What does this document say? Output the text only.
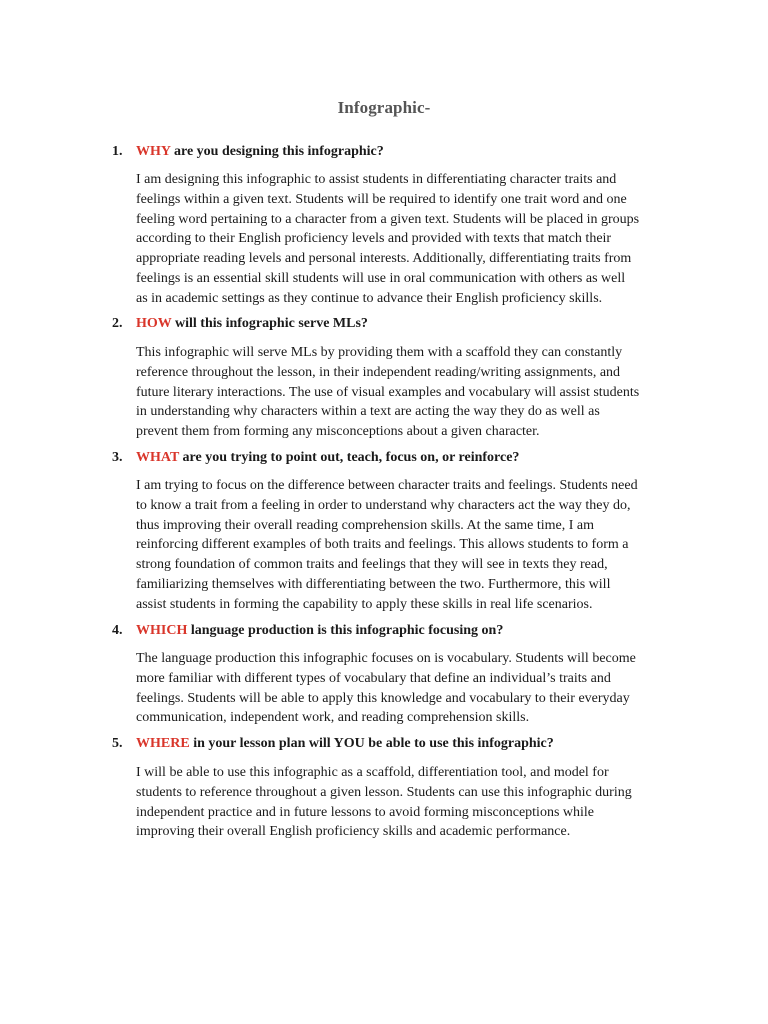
Infographic-
1. WHY are you designing this infographic?
I am designing this infographic to assist students in differentiating character traits and
feelings within a given text. Students will be required to identify one trait word and one
feeling word pertaining to a character from a given text. Students will be placed in groups
according to their English proficiency levels and provided with texts that match their
appropriate reading levels and personal interests. Additionally, differentiating traits from
feelings is an essential skill students will use in oral communication with others as well
as in academic settings as they continue to advance their English proficiency skills.
2. HOW will this infographic serve MLs?
This infographic will serve MLs by providing them with a scaffold they can constantly
reference throughout the lesson, in their independent reading/writing assignments, and
future literary interactions. The use of visual examples and vocabulary will assist students
in understanding why characters within a text are acting the way they do as well as
prevent them from forming any misconceptions about a given character.
3. WHAT are you trying to point out, teach, focus on, or reinforce?
I am trying to focus on the difference between character traits and feelings. Students need
to know a trait from a feeling in order to understand why characters act the way they do,
thus improving their overall reading comprehension skills. At the same time, I am
reinforcing different examples of both traits and feelings. This allows students to form a
strong foundation of common traits and feelings that they will see in texts they read,
familiarizing themselves with differentiating between the two. Furthermore, this will
assist students in forming the capability to apply these skills in real life scenarios.
4. WHICH language production is this infographic focusing on?
The language production this infographic focuses on is vocabulary. Students will become
more familiar with different types of vocabulary that define an individual’s traits and
feelings. Students will be able to apply this knowledge and vocabulary to their everyday
communication, independent work, and reading comprehension skills.
5. WHERE in your lesson plan will YOU be able to use this infographic?
I will be able to use this infographic as a scaffold, differentiation tool, and model for
students to reference throughout a given lesson. Students can use this infographic during
independent practice and in future lessons to avoid forming misconceptions while
improving their overall English proficiency skills and academic performance.
